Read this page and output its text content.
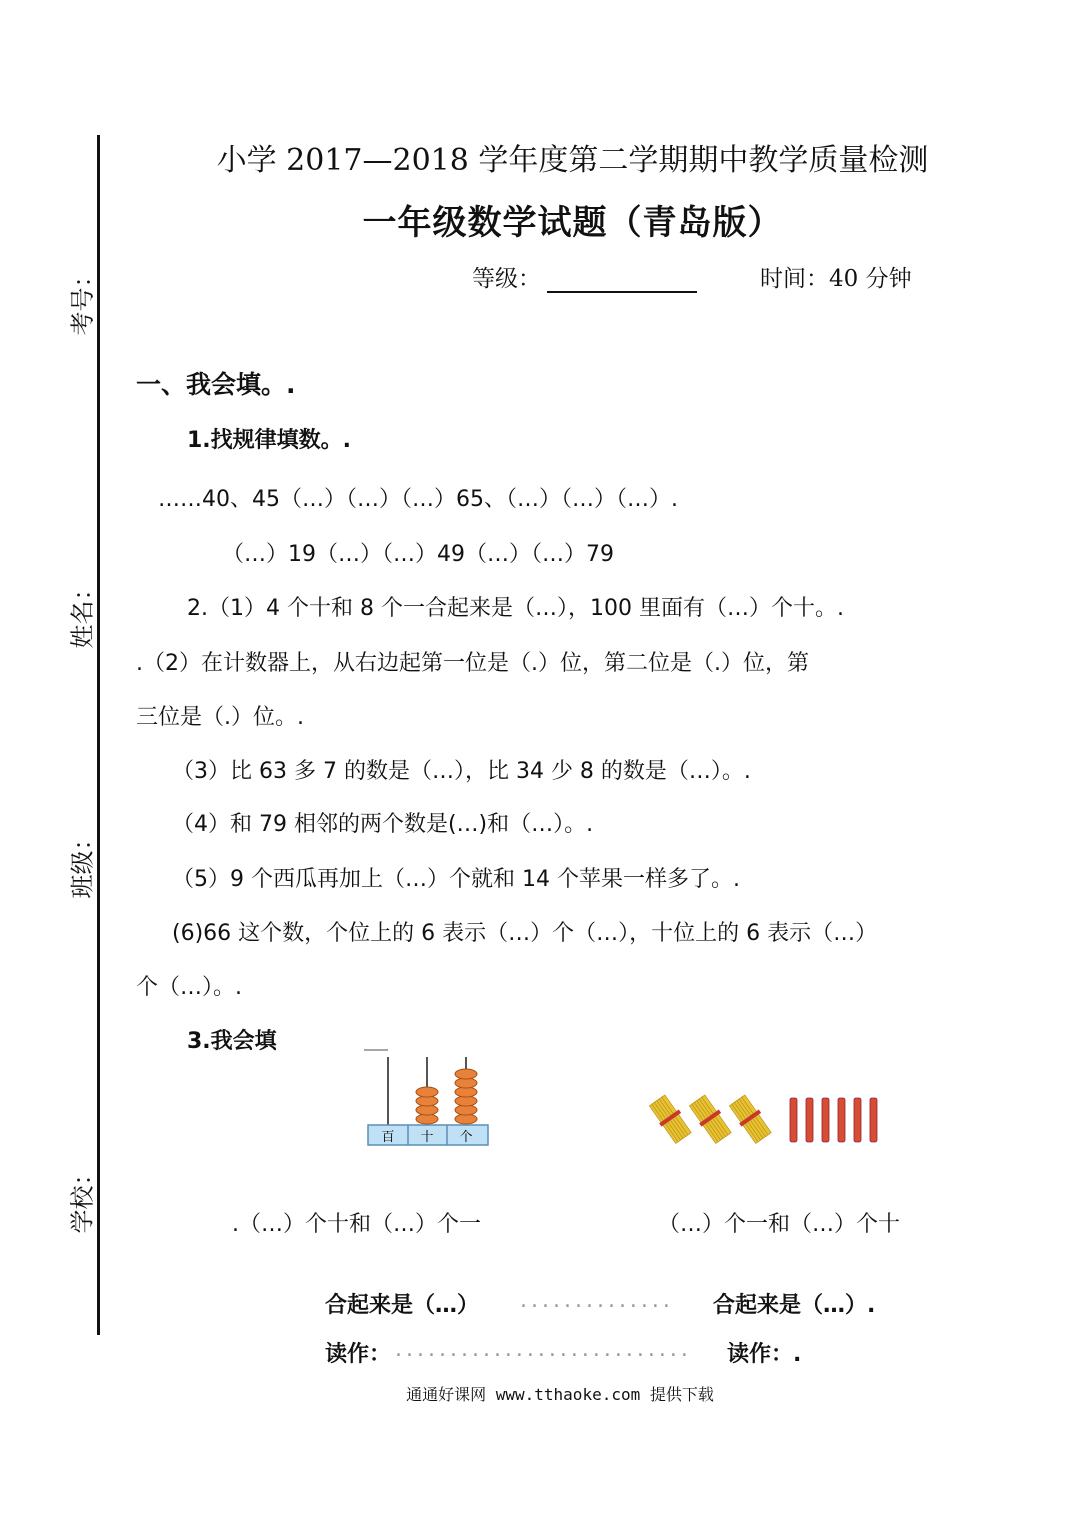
考号：
姓名：
班级：
学校：
小学 2017—2018 学年度第二学期期中教学质量检测
一年级数学试题（青岛版）
等级：	时间：40 分钟
一、我会填。.
1.找规律填数。.
……40、45（…）（…）（…）65、（…）（…）（…）.
（…）19（…）（…）49（…）（…）79
2.（1）4 个十和 8 个一合起来是（…），100 里面有（…）个十。.
.（2）在计数器上，从右边起第一位是（.）位，第二位是（.）位，第
三位是（.）位。.
（3）比 63 多 7 的数是（…），比 34 少 8 的数是（…）。.
（4）和 79 相邻的两个数是(…)和（…）。.
（5）9 个西瓜再加上（…）个就和 14 个苹果一样多了。.
(6)66 这个数，个位上的 6 表示（…）个（…），十位上的 6 表示（…）
个（…）。.
3.我会填
百 十 个
.（…）个十和（…）个一	（…）个一和（…）个十
合起来是（…） .............. 合起来是（…）.
读作： ........................... 读作：.
通通好课网 www.tthaoke.com 提供下载
